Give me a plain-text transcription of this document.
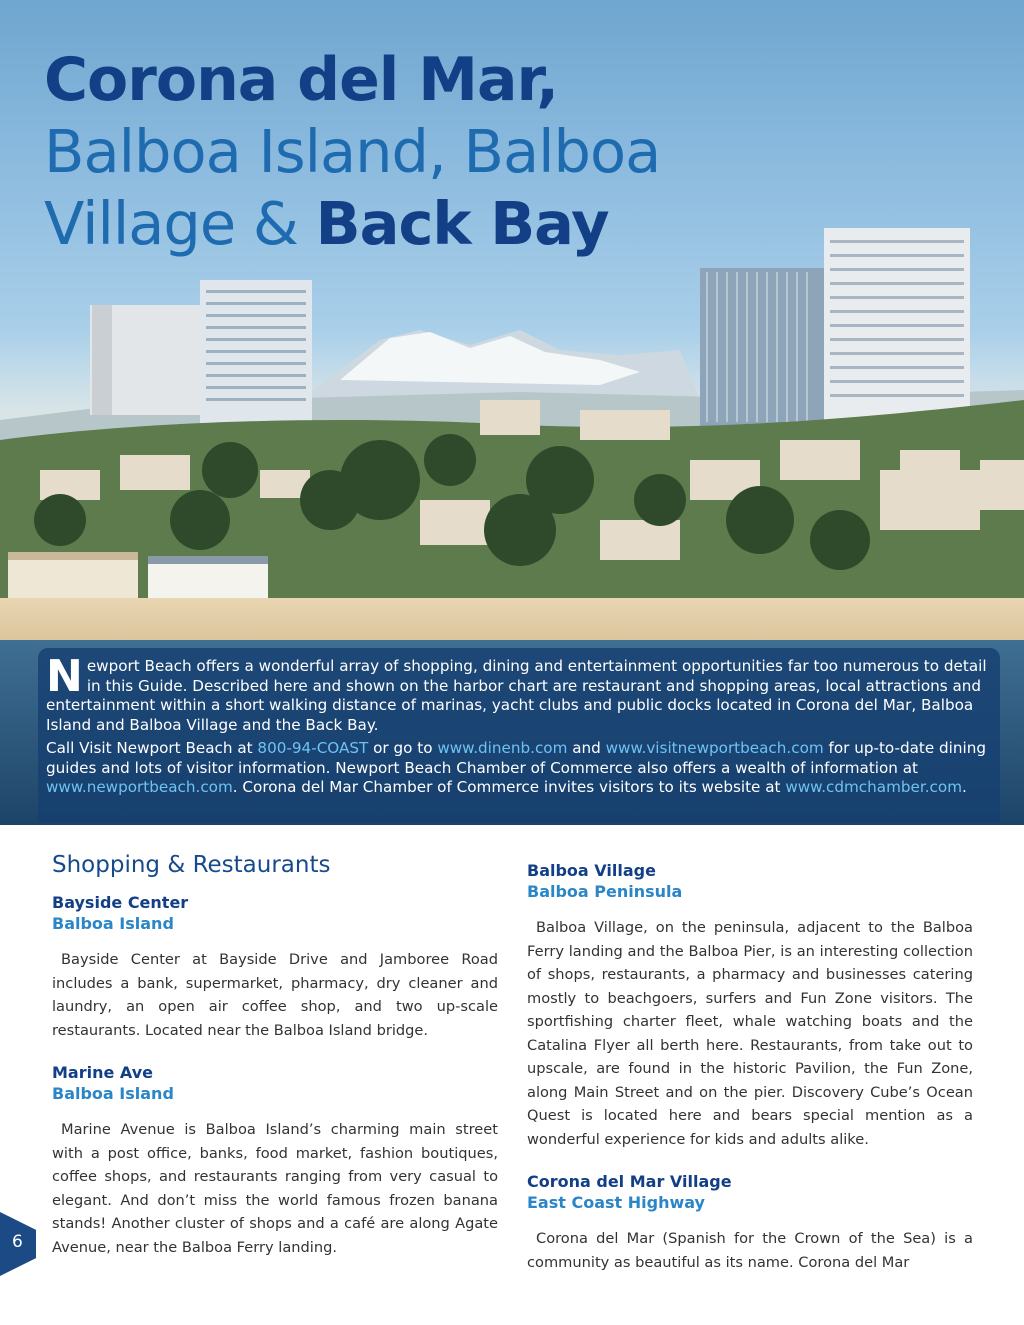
Corona del Mar,
Balboa Island, Balboa
Village & Back Bay

Newport Beach offers a wonderful array of shopping, dining and entertainment opportunities far too numerous to detail in this Guide. Described here and shown on the harbor chart are restaurant and shopping areas, local attractions and entertainment within a short walking distance of marinas, yacht clubs and public docks located in Corona del Mar, Balboa Island and Balboa Village and the Back Bay.

Call Visit Newport Beach at 800-94-COAST or go to www.dinenb.com and www.visitnewportbeach.com for up-to-date dining guides and lots of visitor information. Newport Beach Chamber of Commerce also offers a wealth of information at www.newportbeach.com. Corona del Mar Chamber of Commerce invites visitors to its website at www.cdmchamber.com.

Shopping & Restaurants
Bayside Center
Balboa Island

Bayside Center at Bayside Drive and Jamboree Road includes a bank, supermarket, pharmacy, dry cleaner and laundry, an open air coffee shop, and two up-scale restaurants. Located near the Balboa Island bridge.

Marine Ave
Balboa Island

Marine Avenue is Balboa Island’s charming main street with a post office, banks, food market, fashion boutiques, coffee shops, and restaurants ranging from very casual to elegant. And don’t miss the world famous frozen banana stands! Another cluster of shops and a café are along Agate Avenue, near the Balboa Ferry landing.

Balboa Village
Balboa Peninsula

Balboa Village, on the peninsula, adjacent to the Balboa Ferry landing and the Balboa Pier, is an interesting collection of shops, restaurants, a pharmacy and businesses catering mostly to beachgoers, surfers and Fun Zone visitors. The sportfishing charter fleet, whale watching boats and the Catalina Flyer all berth here. Restaurants, from take out to upscale, are found in the historic Pavilion, the Fun Zone, along Main Street and on the pier. Discovery Cube’s Ocean Quest is located here and bears special mention as a wonderful experience for kids and adults alike.

Corona del Mar Village
East Coast Highway

Corona del Mar (Spanish for the Crown of the Sea) is a community as beautiful as its name. Corona del Mar

6
